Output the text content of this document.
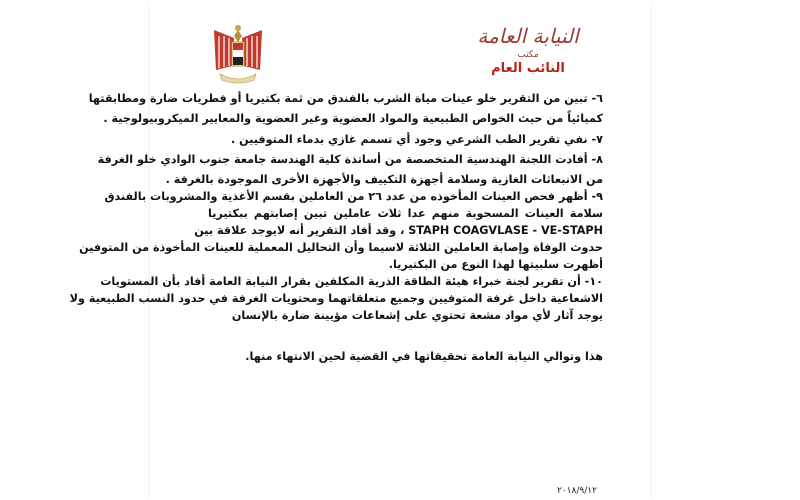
النيابة العامة
مكتب
النائب العام
٦- تبين من التقرير خلو عينات مياة الشرب بالفندق من ثمة بكتيريا أو فطريات ضارة ومطابقتها
كميائياً من حيث الخواص الطبيعية والمواد العضوية وغير العضوية والمعايير الميكروبيولوجية .
٧- نفي تقرير الطب الشرعي وجود أي تسمم غازي بدماء المتوفيين .
٨- أفادت اللجنة الهندسية المتخصصة من أساتذة كلية الهندسة جامعة جنوب الوادي خلو الغرفة
من الانبعاثات الغازية وسلامة أجهزة التكييف والأجهزة الأخرى الموجودة بالغرفة .
٩- أظهر فحص العينات المأخوذه من عدد ٢٦ من العاملين بقسم الأغذية والمشروبات بالفندق
سلامة العينات المسحوبة منهم عدا ثلاث عاملين تبين إصابتهم ببكتيريا
STAPH COAGVLASE - VE-STAPH ، وقد أفاد التقرير أنه لايوجد علاقة بين
حدوث الوفاة وإصابة العاملين الثلاثة لاسيما وأن التحاليل المعملية للعينات المأخوذة من المتوفين
أظهرت سلبيتها لهذا النوع من البكتيريا.
١٠- أن تقرير لجنة خبراء هيئة الطاقة الذرية المكلفين بقرار النيابة العامة أفاد بأن المستويات
الاشعاعية داخل غرفة المتوفيين وجميع متعلقاتهما ومحتويات الغرفة في حدود النسب الطبيعية ولا
يوجد آثار لأي مواد مشعة تحتوي على إشعاعات مؤيينة ضارة بالإنسان
هذا وتوالي النيابة العامة تحقيقاتها في القضية لحين الانتهاء منها.
٢٠١٨/٩/١٢
